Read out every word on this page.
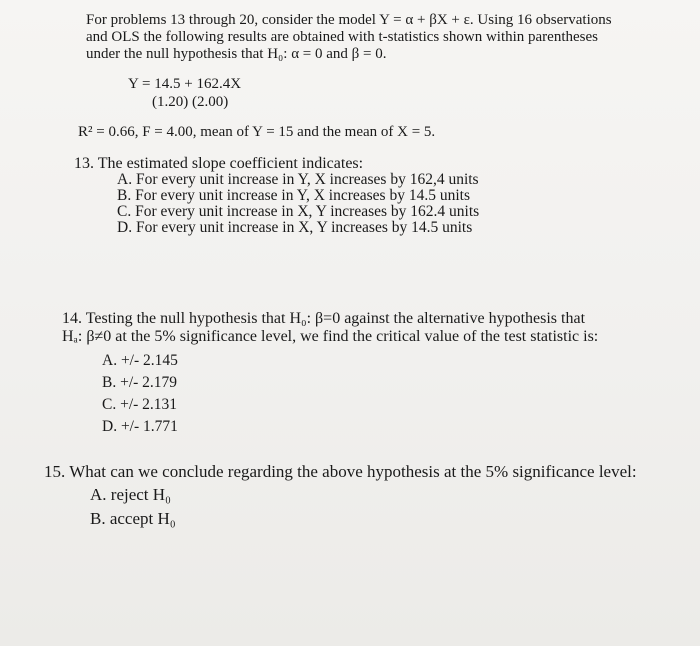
For problems 13 through 20, consider the model Y = α + βX + ε. Using 16 observations
and OLS the following results are obtained with t-statistics shown within parentheses
under the null hypothesis that H₀: α = 0 and β = 0.
Y = 14.5 + 162.4X
(1.20) (2.00)
R² = 0.66, F = 4.00, mean of Y = 15 and the mean of X = 5.
13. The estimated slope coefficient indicates:
A. For every unit increase in Y, X increases by 162,4 units
B. For every unit increase in Y, X increases by 14.5 units
C. For every unit increase in X, Y increases by 162.4 units
D. For every unit increase in X, Y increases by 14.5 units
14. Testing the null hypothesis that H₀: β=0 against the alternative hypothesis that
Hₐ: β≠0 at the 5% significance level, we find the critical value of the test statistic is:
A. +/- 2.145
B. +/- 2.179
C. +/- 2.131
D. +/- 1.771
15. What can we conclude regarding the above hypothesis at the 5% significance level:
A. reject H₀
B. accept H₀
